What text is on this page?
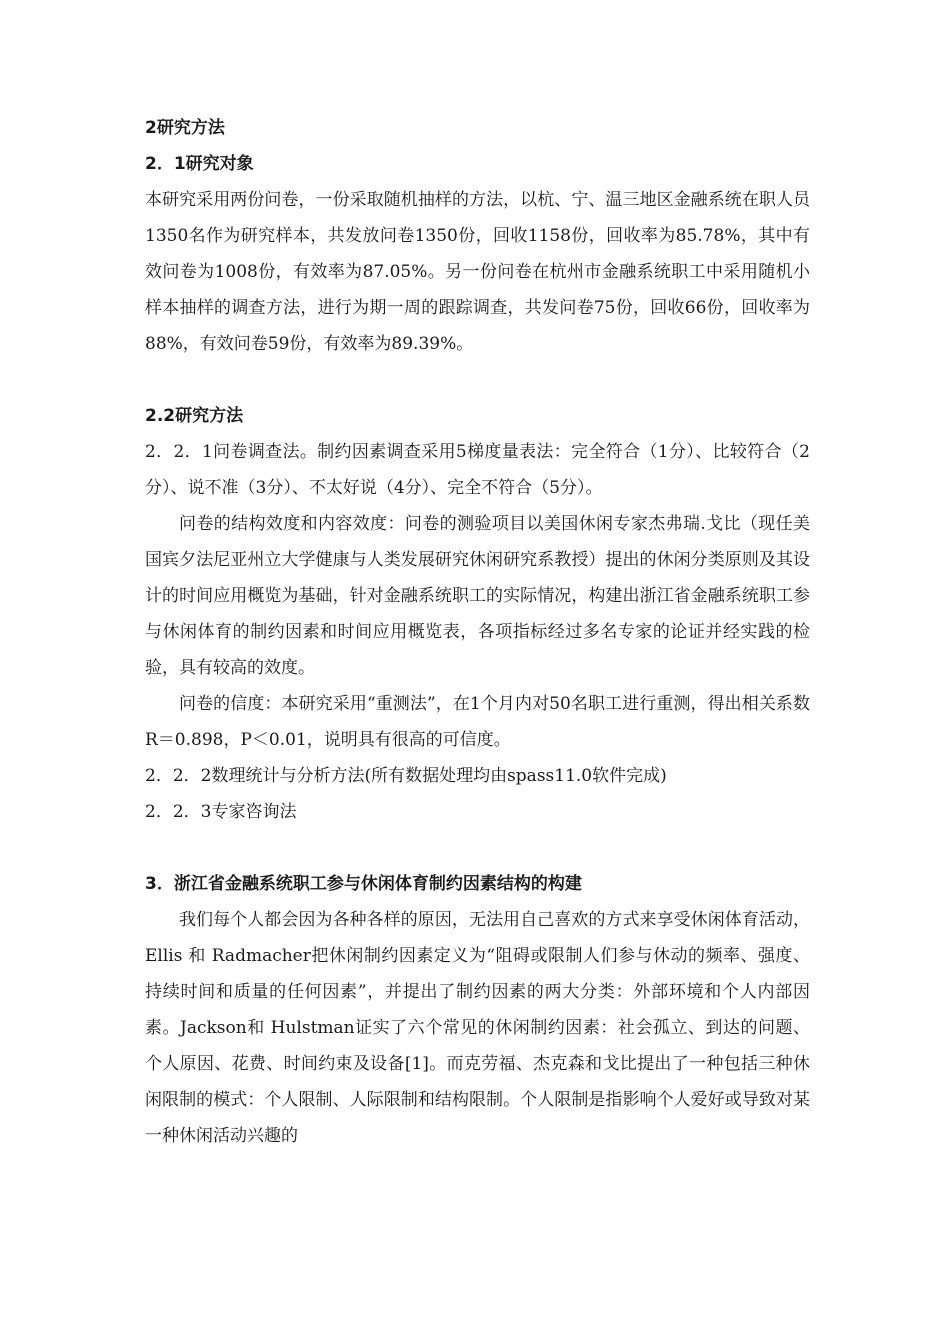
2研究方法

2．1研究对象

本研究采用两份问卷，一份采取随机抽样的方法，以杭、宁、温三地区金融系统在职人员1350名作为研究样本，共发放问卷1350份，回收1158份，回收率为85.78%，其中有效问卷为1008份，有效率为87.05%。另一份问卷在杭州市金融系统职工中采用随机小样本抽样的调查方法，进行为期一周的跟踪调查，共发问卷75份，回收66份，回收率为88%，有效问卷59份，有效率为89.39%。

2.2研究方法

2．2．1问卷调查法。制约因素调查采用5梯度量表法：完全符合（1分）、比较符合（2分）、说不准（3分）、不太好说（4分）、完全不符合（5分）。

问卷的结构效度和内容效度：问卷的测验项目以美国休闲专家杰弗瑞.戈比（现任美国宾夕法尼亚州立大学健康与人类发展研究休闲研究系教授）提出的休闲分类原则及其设计的时间应用概览为基础，针对金融系统职工的实际情况，构建出浙江省金融系统职工参与休闲体育的制约因素和时间应用概览表，各项指标经过多名专家的论证并经实践的检验，具有较高的效度。

问卷的信度：本研究采用“重测法”，在1个月内对50名职工进行重测，得出相关系数R＝0.898，P＜0.01，说明具有很高的可信度。

2．2．2数理统计与分析方法(所有数据处理均由spass11.0软件完成)

2．2．3专家咨询法

3．浙江省金融系统职工参与休闲体育制约因素结构的构建

我们每个人都会因为各种各样的原因，无法用自己喜欢的方式来享受休闲体育活动，Ellis 和 Radmacher把休闲制约因素定义为“阻碍或限制人们参与休动的频率、强度、持续时间和质量的任何因素”，并提出了制约因素的两大分类：外部环境和个人内部因素。Jackson和 Hulstman证实了六个常见的休闲制约因素：社会孤立、到达的问题、个人原因、花费、时间约束及设备[1]。而克劳福、杰克森和戈比提出了一种包括三种休闲限制的模式：个人限制、人际限制和结构限制。个人限制是指影响个人爱好或导致对某一种休闲活动兴趣的
